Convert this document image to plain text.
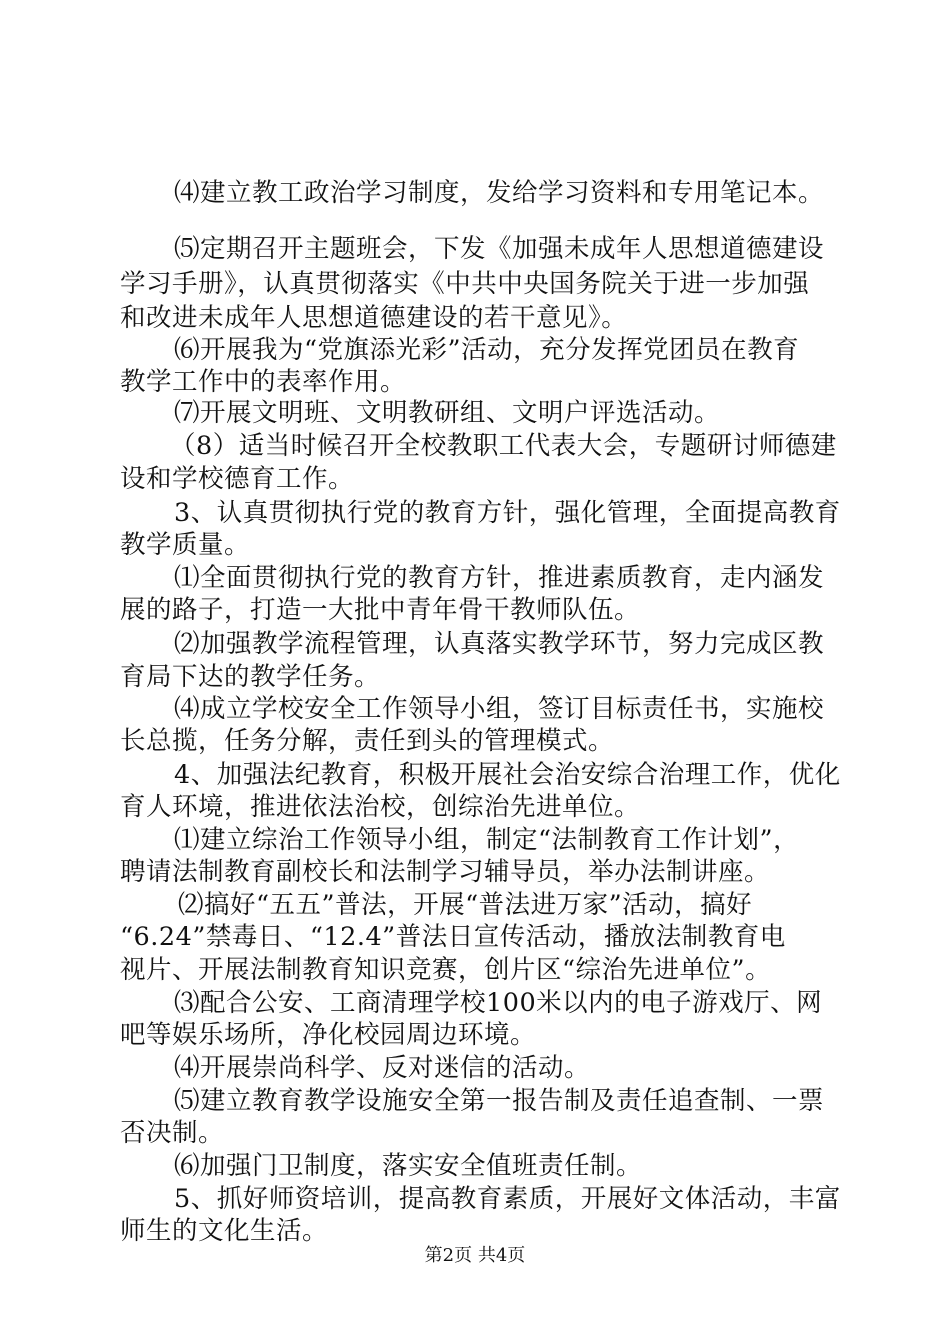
⑷建立教工政治学习制度，发给学习资料和专用笔记本。
⑸定期召开主题班会，下发《加强未成年人思想道德建设
学习手册》，认真贯彻落实《中共中央国务院关于进一步加强
和改进未成年人思想道德建设的若干意见》。
⑹开展我为“党旗添光彩”活动，充分发挥党团员在教育
教学工作中的表率作用。
⑺开展文明班、文明教研组、文明户评选活动。
（8）适当时候召开全校教职工代表大会，专题研讨师德建
设和学校德育工作。
3、认真贯彻执行党的教育方针，强化管理，全面提高教育
教学质量。
⑴全面贯彻执行党的教育方针，推进素质教育，走内涵发
展的路子，打造一大批中青年骨干教师队伍。
⑵加强教学流程管理，认真落实教学环节，努力完成区教
育局下达的教学任务。
⑷成立学校安全工作领导小组，签订目标责任书，实施校
长总揽，任务分解，责任到头的管理模式。
4、加强法纪教育，积极开展社会治安综合治理工作，优化
育人环境，推进依法治校，创综治先进单位。
⑴建立综治工作领导小组，制定“法制教育工作计划”，
聘请法制教育副校长和法制学习辅导员，举办法制讲座。
⑵搞好“五五”普法，开展“普法进万家”活动，搞好
“6.24”禁毒日、“12.4”普法日宣传活动，播放法制教育电
视片、开展法制教育知识竞赛，创片区“综治先进单位”。
⑶配合公安、工商清理学校100米以内的电子游戏厅、网
吧等娱乐场所，净化校园周边环境。
⑷开展崇尚科学、反对迷信的活动。
⑸建立教育教学设施安全第一报告制及责任追查制、一票
否决制。
⑹加强门卫制度，落实安全值班责任制。
5、抓好师资培训，提高教育素质，开展好文体活动，丰富
师生的文化生活。
第2页 共4页
